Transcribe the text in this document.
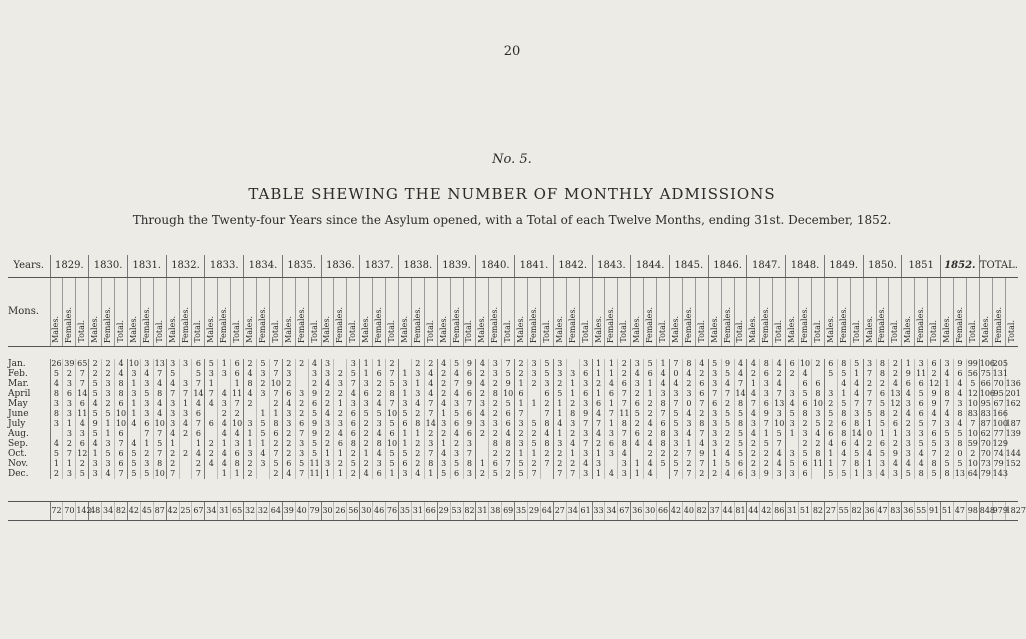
20
No. 5.
TABLE SHEWING THE NUMBER OF MONTHLY ADMISSIONS
Through the Twenty-four Years since the Asylum opened, with a Total of each Twelve Months, ending 31st. December, 1852.
Years.	1829.	1830.	1831.	1832.	1833.	1834.	1835.	1836.	1837.	1838.	1839.	1840.	1841.	1842.	1843.	1844.	1845.	1846.	1847.	1848.	1849.	1850.	1851	1852.	TOTAL.
Mons.	Males.	Females.	Total.	Males.	Females.	Total.	Males.	Females.	Total.	Males.	Females.	Total.	Males.	Females.	Total.	Males.	Females.	Total.	Males.	Females.	Total.	Males.	Females.	Total.	Males.	Females.	Total.	Males.	Females.	Total.	Males.	Females.	Total.	Males.	Females.	Total.	Males.	Females.	Total.	Males.	Females.	Total.	Males.	Females.	Total.	Males.	Females.	Total.	Males.	Females.	Total.	Males.	Females.	Total.	Males.	Females.	Total.	Males.	Females.	Total.	Males.	Females.	Total.	Males.	Females.	Total.	Males.	Females.	Total.	Males.	Females.	Total.	Males.	Females.	Total.

Jan.	26	39	65	2	2	4	10	3	13	3	3	6	5	1	6	2	5	7	2	2	4	3		3	1	1	2		2	2	4	5	9	4	3	7	2	3	5	3		3	1	1	2	3	5	1	7	8	4	5	9	4	4	8	4	6	10	2	6	8	5	3	8	2	1	3	6	3	9	99	106	205	
Feb.	5	2	7	2	2	4	3	4	7	5		5	3	3	6	4	3	7	3		3	3	2	5	1	6	7	1	3	4	2	4	6	2	3	5	2	3	5	3	3	6	1	1	2	4	6	4	0	4	2	3	5	4	2	6	2	2	4		5	5	1	7	8	2	9	11	2	4	6	56	75	131	
Mar.	4	3	7	5	3	8	1	3	4	4	3	7	1		1	8	2	10	2		2	4	3	7	3	2	5	3	1	4	2	7	9	4	2	9	1	2	3	2	1	3	2	4	6	3	1	4	4	2	6	3	4	7	1	3	4		6	6		4	4	2	2	4	6	6	12	1	4	5	66	70	136
April	8	6	14	5	3	8	3	5	8	7	7	14	7	4	11	4	3	7	6	3	9	2	2	4	6	2	8	1	3	4	2	4	6	2	8	10	6		6	5	1	6	1	6	7	2	1	3	3	3	6	7	7	14	4	3	7	3	5	8	3	1	4	7	6	13	4	5	9	8	4	12	106	95	201
May	3	3	6	4	2	6	1	3	4	3	1	4	4	3	7	2		2	4	2	6	2	1	3	3	4	7	3	4	7	4	3	7	3	2	5	1	1	2	1	2	3	6	1	7	6	2	8	7	0	7	6	2	8	7	6	13	4	6	10	2	5	7	7	5	12	3	6	9	7	3	10	95	67	162
June	8	3	11	5	5	10	1	3	4	3	3	6		2	2		1	1	3	2	5	4	2	6	5	5	10	5	2	7	1	5	6	4	2	6	7		7	1	8	9	4	7	11	5	2	7	5	4	2	3	5	5	4	9	3	5	8	3	5	8	3	5	8	2	4	6	4	4	8	83	83	166	
July	3	1	4	9	1	10	4	6	10	3	4	7	6	4	10	3	5	8	3	6	9	3	3	6	2	3	5	6	8	14	3	6	9	3	3	6	3	5	8	4	3	7	7	1	8	2	4	6	5	3	8	3	5	8	3	7	10	3	2	5	2	6	8	1	5	6	2	5	7	3	4	7	87	100	187
Aug.		3	3	5	1	6		7	7	4	2	6		4	4	1	5	6	2	7	9	2	4	6	2	4	6	1	1	2	2	4	6	2	2	4	2	2	4	1	2	3	4	3	7	6	2	8	3	4	7	3	2	5	4	1	5	1	3	4	6	8	14	0	1	1	3	3	6	5	5	10	62	77	139
Sep.	4	2	6	4	3	7	4	1	5	1		1	2	1	3	1	1	2	2	3	5	2	6	8	2	8	10	1	2	3	1	2	3		8	8	3	5	8	3	4	7	2	6	8	4	4	8	3	1	4	3	2	5	2	5	7		2	2	4	6	4	2	6	2	3	5	5	3	8	59	70	129	
Oct.	5	7	12	1	5	6	5	2	7	2	2	4	2	4	6	3	4	7	2	3	5	1	1	2	1	4	5	5	2	7	4	3	7		2	2	1	1	2	2	1	3	1	3	4		2	2	2	7	9	1	4	5	2	2	4	3	5	8	1	4	5	4	5	9	3	4	7	2	0	2	70	74	144
Nov.	1	1	2	3	3	6	5	3	8	2		2	4	4	8	2	3	5	6	5	11	3	2	5	2	3	5	6	2	8	3	5	8	1	6	7	5	2	7	2	2	4	3		3	1	4	5	5	2	7	1	5	6	2	2	4	5	6	11	1	7	8	1	3	4	4	4	8	5	5	10	73	79	152
Dec.	2	3	5	3	4	7	5	5	10	7		7		1	1	2		2	4	7	11	1	1	2	4	6	1	3	4	1	5	6	3	2	5	2	5	7		7	7	3	1	4	3	1	4		7	7	2	2	4	6	3	9	3	3	6		5	5	1	3	4	3	5	8	5	8	13	64	79	143	

	72	70	142	48	34	82	42	45	87	42	25	67	34	31	65	32	32	64	39	40	79	30	26	56	30	46	76	35	31	66	29	53	82	31	38	69	35	29	64	27	34	61	33	34	67	36	30	66	42	40	82	37	44	81	44	42	86	31	51	82	27	55	82	36	47	83	36	55	91	51	47	98	848	979	1827
